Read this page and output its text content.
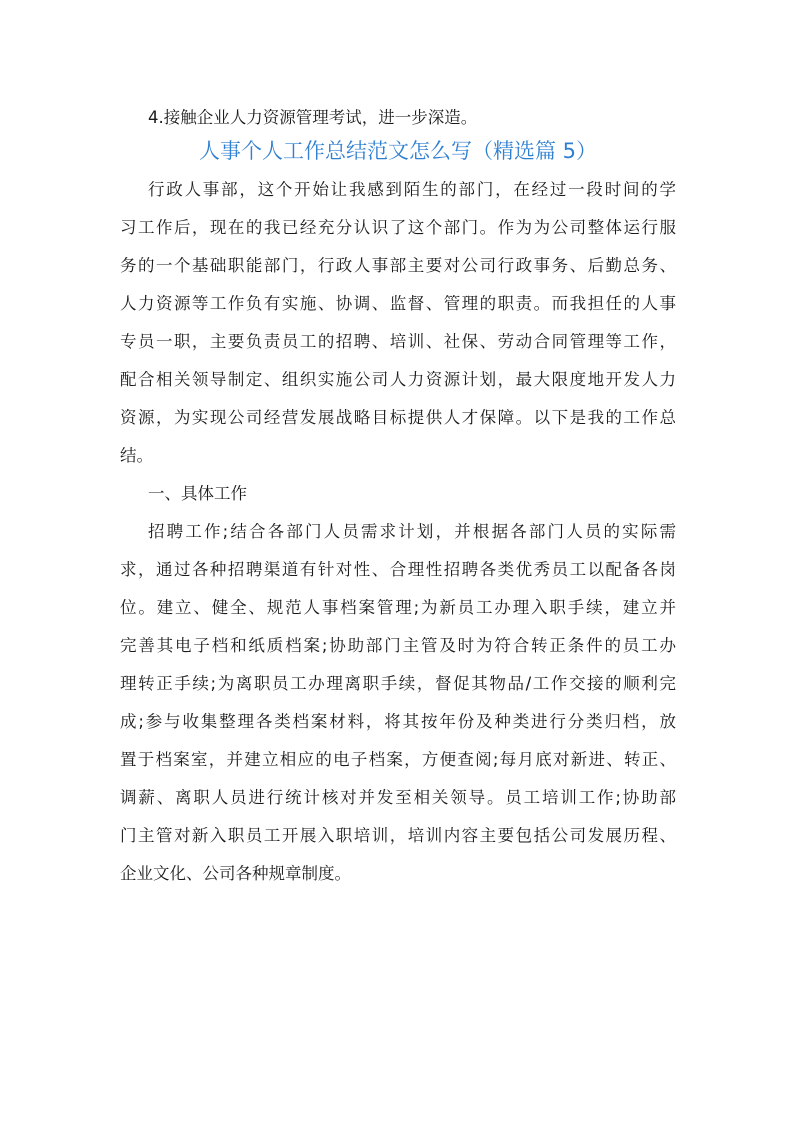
4.接触企业人力资源管理考试，进一步深造。

人事个人工作总结范文怎么写（精选篇 5）

行政人事部，这个开始让我感到陌生的部门，在经过一段时间的学

习工作后，现在的我已经充分认识了这个部门。作为为公司整体运行服

务的一个基础职能部门，行政人事部主要对公司行政事务、后勤总务、

人力资源等工作负有实施、协调、监督、管理的职责。而我担任的人事

专员一职，主要负责员工的招聘、培训、社保、劳动合同管理等工作，

配合相关领导制定、组织实施公司人力资源计划，最大限度地开发人力

资源，为实现公司经营发展战略目标提供人才保障。以下是我的工作总

结。

一、具体工作

招聘工作;结合各部门人员需求计划，并根据各部门人员的实际需

求，通过各种招聘渠道有针对性、合理性招聘各类优秀员工以配备各岗

位。建立、健全、规范人事档案管理;为新员工办理入职手续，建立并

完善其电子档和纸质档案;协助部门主管及时为符合转正条件的员工办

理转正手续;为离职员工办理离职手续，督促其物品/工作交接的顺利完

成;参与收集整理各类档案材料，将其按年份及种类进行分类归档，放

置于档案室，并建立相应的电子档案，方便查阅;每月底对新进、转正、

调薪、离职人员进行统计核对并发至相关领导。员工培训工作;协助部

门主管对新入职员工开展入职培训，培训内容主要包括公司发展历程、

企业文化、公司各种规章制度。
